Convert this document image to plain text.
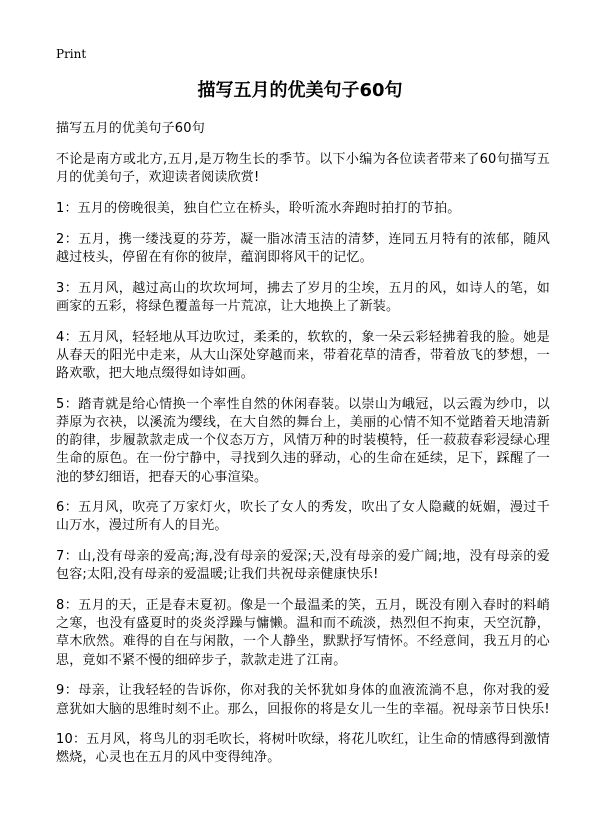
Print
描写五月的优美句子60句

描写五月的优美句子60句

不论是南方或北方,五月,是万物生长的季节。以下小编为各位读者带来了60句描写五月的优美句子，欢迎读者阅读欣赏!

1：五月的傍晚很美，独自伫立在桥头，聆听流水奔跑时拍打的节拍。

2：五月，携一缕浅夏的芬芳，凝一脂冰清玉洁的清梦，连同五月特有的浓郁，随风越过枝头，停留在有你的彼岸，蕴润即将风干的记忆。

3：五月风，越过高山的坎坎坷坷，拂去了岁月的尘埃，五月的风，如诗人的笔，如画家的五彩，将绿色覆盖每一片荒凉，让大地换上了新装。

4：五月风，轻轻地从耳边吹过，柔柔的，软软的，象一朵云彩轻拂着我的脸。她是从春天的阳光中走来，从大山深处穿越而来，带着花草的清香，带着放飞的梦想，一路欢歌，把大地点缀得如诗如画。

5：踏青就是给心情换一个率性自然的休闲春装。以崇山为峨冠，以云霞为纱巾，以莽原为衣袂，以溪流为缨线，在大自然的舞台上，美丽的心情不知不觉踏着天地清新的韵律，步履款款走成一个仪态万方，风情万种的时装模特，任一菽菽春彩浸绿心理生命的原色。在一份宁静中，寻找到久违的驿动，心的生命在延续，足下，踩醒了一池的梦幻细语，把春天的心事渲染。

6：五月风，吹亮了万家灯火，吹长了女人的秀发，吹出了女人隐藏的妩媚，漫过千山万水，漫过所有人的目光。

7：山,没有母亲的爱高;海,没有母亲的爱深;天,没有母亲的爱广阔;地，没有母亲的爱包容;太阳,没有母亲的爱温暖;让我们共祝母亲健康快乐!

8：五月的天，正是春末夏初。像是一个最温柔的笑，五月，既没有刚入春时的料峭之寒，也没有盛夏时的炎炎浮躁与慵懒。温和而不疏淡，热烈但不拘束，天空沉静，草木欣然。难得的自在与闲散，一个人静坐，默默抒写情怀。不经意间，我五月的心思，竟如不紧不慢的细碎步子，款款走进了江南。

9：母亲，让我轻轻的告诉你，你对我的关怀犹如身体的血液流淌不息，你对我的爱意犹如大脑的思维时刻不止。那么，回报你的将是女儿一生的幸福。祝母亲节日快乐!

10：五月风，将鸟儿的羽毛吹长，将树叶吹绿，将花儿吹红，让生命的情感得到激情燃烧，心灵也在五月的风中变得纯净。
